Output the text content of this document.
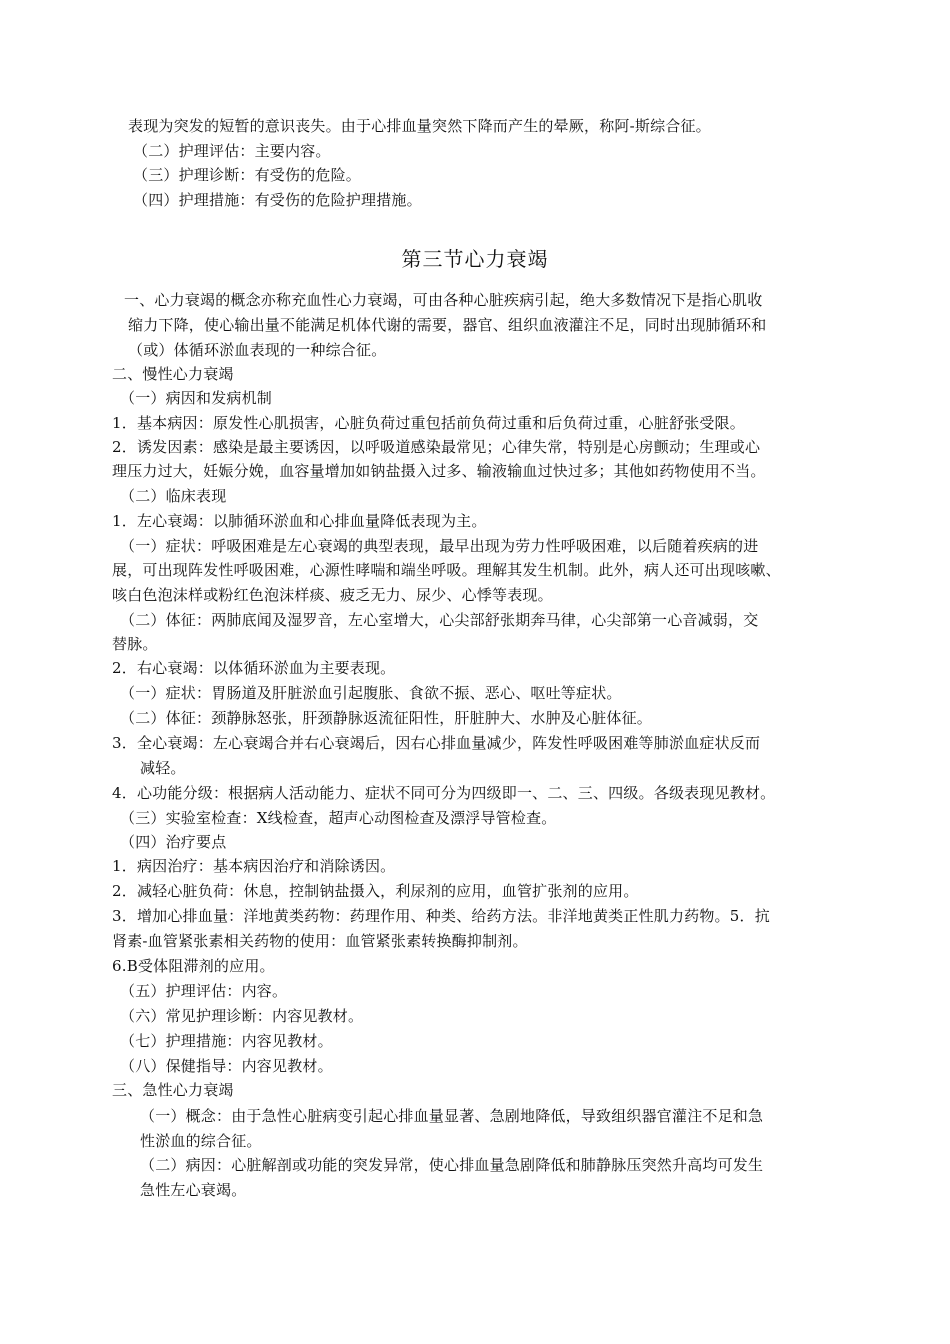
表现为突发的短暂的意识丧失。由于心排血量突然下降而产生的晕厥，称阿-斯综合征。
（二）护理评估：主要内容。
（三）护理诊断：有受伤的危险。
（四）护理措施：有受伤的危险护理措施。
第三节心力衰竭
一、心力衰竭的概念亦称充血性心力衰竭，可由各种心脏疾病引起，绝大多数情况下是指心肌收
缩力下降，使心输出量不能满足机体代谢的需要，器官、组织血液灌注不足，同时出现肺循环和
（或）体循环淤血表现的一种综合征。
二、慢性心力衰竭
（一）病因和发病机制
1．基本病因：原发性心肌损害，心脏负荷过重包括前负荷过重和后负荷过重，心脏舒张受限。
2．诱发因素：感染是最主要诱因，以呼吸道感染最常见；心律失常，特别是心房颤动；生理或心
理压力过大，妊娠分娩，血容量增加如钠盐摄入过多、输液输血过快过多；其他如药物使用不当。
（二）临床表现
1．左心衰竭：以肺循环淤血和心排血量降低表现为主。
（一）症状：呼吸困难是左心衰竭的典型表现，最早出现为劳力性呼吸困难，以后随着疾病的进
展，可出现阵发性呼吸困难，心源性哮喘和端坐呼吸。理解其发生机制。此外，病人还可出现咳嗽、
咳白色泡沫样或粉红色泡沫样痰、疲乏无力、尿少、心悸等表现。
（二）体征：两肺底闻及湿罗音，左心室增大，心尖部舒张期奔马律，心尖部第一心音减弱，交
替脉。
2．右心衰竭：以体循环淤血为主要表现。
（一）症状：胃肠道及肝脏淤血引起腹胀、食欲不振、恶心、呕吐等症状。
（二）体征：颈静脉怒张，肝颈静脉返流征阳性，肝脏肿大、水肿及心脏体征。
3．全心衰竭：左心衰竭合并右心衰竭后，因右心排血量减少，阵发性呼吸困难等肺淤血症状反而
减轻。
4．心功能分级：根据病人活动能力、症状不同可分为四级即一、二、三、四级。各级表现见教材。
（三）实验室检查：X线检查，超声心动图检查及漂浮导管检查。
（四）治疗要点
1．病因治疗：基本病因治疗和消除诱因。
2．减轻心脏负荷：休息，控制钠盐摄入，利尿剂的应用，血管扩张剂的应用。
3．增加心排血量：洋地黄类药物：药理作用、种类、给药方法。非洋地黄类正性肌力药物。5．抗
肾素-血管紧张素相关药物的使用：血管紧张素转换酶抑制剂。
6.B受体阻滞剂的应用。
（五）护理评估：内容。
（六）常见护理诊断：内容见教材。
（七）护理措施：内容见教材。
（八）保健指导：内容见教材。
三、急性心力衰竭
（一）概念：由于急性心脏病变引起心排血量显著、急剧地降低，导致组织器官灌注不足和急
性淤血的综合征。
（二）病因：心脏解剖或功能的突发异常，使心排血量急剧降低和肺静脉压突然升高均可发生
急性左心衰竭。
